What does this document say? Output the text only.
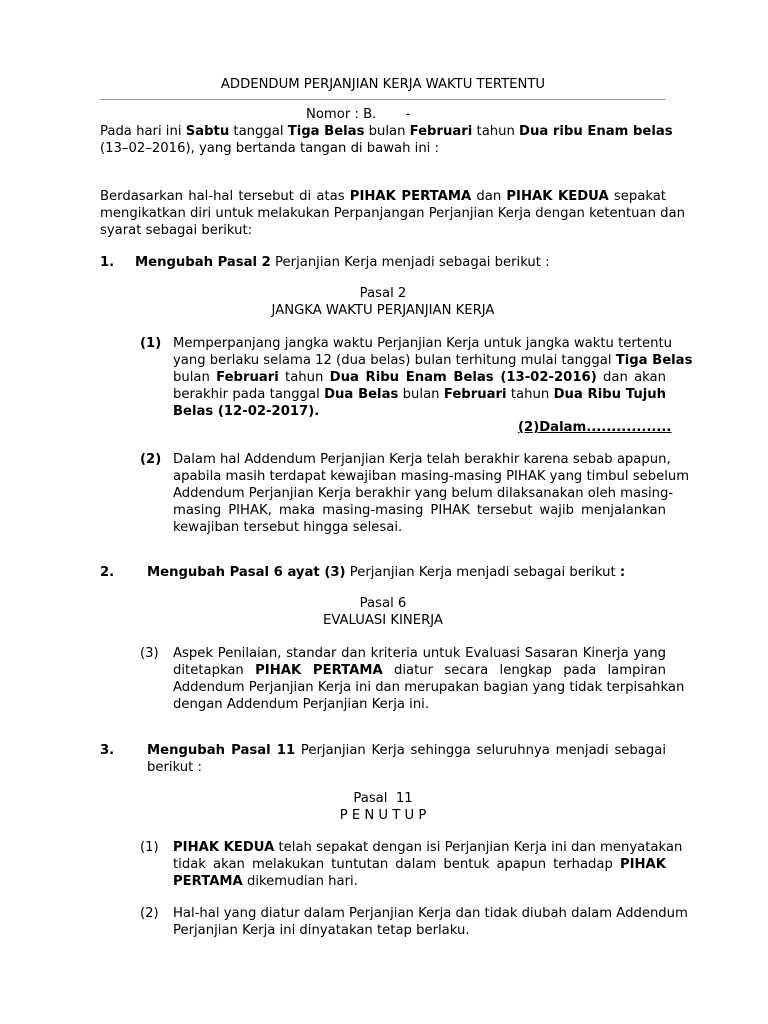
ADDENDUM PERJANJIAN KERJA WAKTU TERTENTU
Nomor : B.       -
Pada hari ini Sabtu tanggal Tiga Belas bulan Februari tahun Dua ribu Enam belas
(13–02–2016), yang bertanda tangan di bawah ini :
Berdasarkan hal-hal tersebut di atas PIHAK PERTAMA dan PIHAK KEDUA sepakat
mengikatkan diri untuk melakukan Perpanjangan Perjanjian Kerja dengan ketentuan dan
syarat sebagai berikut:
1. Mengubah Pasal 2 Perjanjian Kerja menjadi sebagai berikut :
Pasal 2
JANGKA WAKTU PERJANJIAN KERJA
(1) Memperpanjang jangka waktu Perjanjian Kerja untuk jangka waktu tertentu
yang berlaku selama 12 (dua belas) bulan terhitung mulai tanggal Tiga Belas
bulan Februari tahun Dua Ribu Enam Belas (13-02-2016) dan akan
berakhir pada tanggal Dua Belas bulan Februari tahun Dua Ribu Tujuh
Belas (12-02-2017).
(2)Dalam.................
(2) Dalam hal Addendum Perjanjian Kerja telah berakhir karena sebab apapun,
apabila masih terdapat kewajiban masing-masing PIHAK yang timbul sebelum
Addendum Perjanjian Kerja berakhir yang belum dilaksanakan oleh masing-
masing PIHAK, maka masing-masing PIHAK tersebut wajib menjalankan
kewajiban tersebut hingga selesai.
2. Mengubah Pasal 6 ayat (3) Perjanjian Kerja menjadi sebagai berikut :
Pasal 6
EVALUASI KINERJA
(3) Aspek Penilaian, standar dan kriteria untuk Evaluasi Sasaran Kinerja yang
ditetapkan PIHAK PERTAMA diatur secara lengkap pada lampiran
Addendum Perjanjian Kerja ini dan merupakan bagian yang tidak terpisahkan
dengan Addendum Perjanjian Kerja ini.
3. Mengubah Pasal 11 Perjanjian Kerja sehingga seluruhnya menjadi sebagai
berikut :
Pasal  11
P E N U T U P
(1) PIHAK KEDUA telah sepakat dengan isi Perjanjian Kerja ini dan menyatakan
tidak akan melakukan tuntutan dalam bentuk apapun terhadap PIHAK
PERTAMA dikemudian hari.
(2) Hal-hal yang diatur dalam Perjanjian Kerja dan tidak diubah dalam Addendum
Perjanjian Kerja ini dinyatakan tetap berlaku.
